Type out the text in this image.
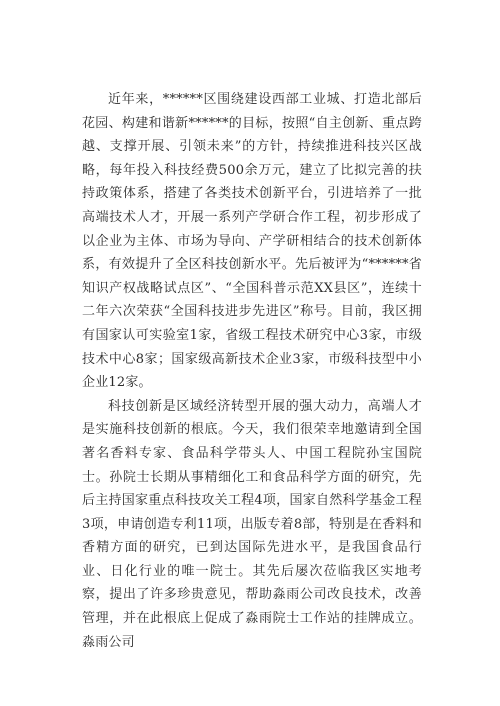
近年来，******区围绕建设西部工业城、打造北部后花园、构建和谐新******的目标，按照“自主创新、重点跨越、支撑开展、引领未来”的方针，持续推进科技兴区战略，每年投入科技经费500余万元，建立了比拟完善的扶持政策体系，搭建了各类技术创新平台，引进培养了一批高端技术人才，开展一系列产学研合作工程，初步形成了以企业为主体、市场为导向、产学研相结合的技术创新体系，有效提升了全区科技创新水平。先后被评为“******省知识产权战略试点区”、“全国科普示范XX县区”，连续十二年六次荣获“全国科技进步先进区”称号。目前，我区拥有国家认可实验室1家，省级工程技术研究中心3家，市级技术中心8家；国家级高新技术企业3家，市级科技型中小企业12家。

科技创新是区域经济转型开展的强大动力，高端人才是实施科技创新的根底。今天，我们很荣幸地邀请到全国著名香料专家、食品科学带头人、中国工程院孙宝国院士。孙院士长期从事精细化工和食品科学方面的研究，先后主持国家重点科技攻关工程4项，国家自然科学基金工程3项，申请创造专利11项，出版专着8部，特别是在香料和香精方面的研究，已到达国际先进水平，是我国食品行业、日化行业的唯一院士。其先后屡次莅临我区实地考察，提出了许多珍贵意见，帮助淼雨公司改良技术，改善管理，并在此根底上促成了淼雨院士工作站的挂牌成立。淼雨公司
